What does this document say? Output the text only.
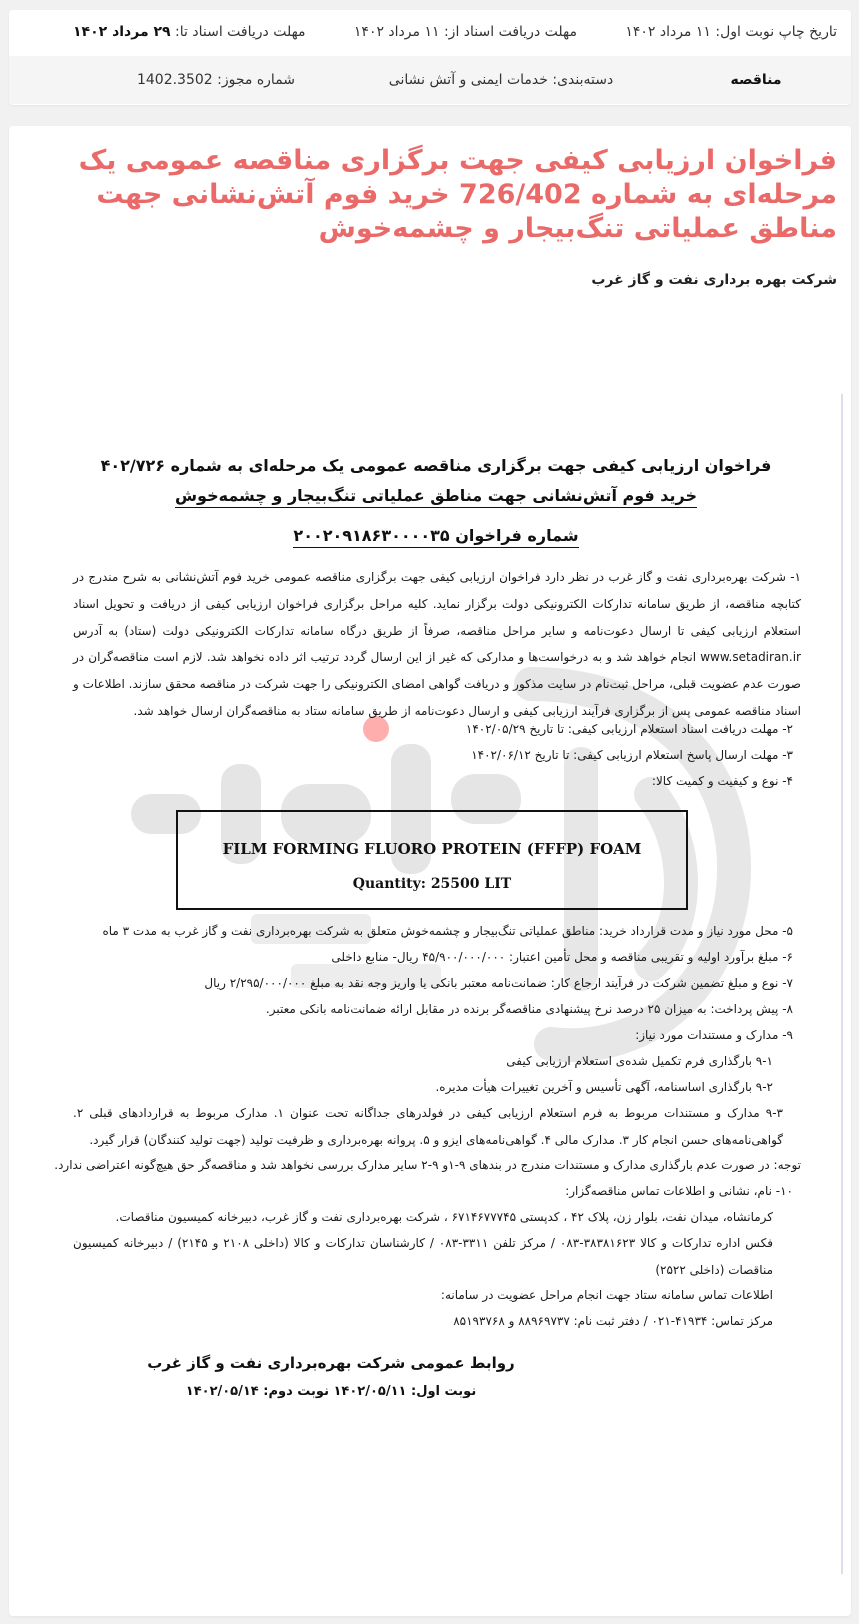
تاریخ چاپ نوبت اول: ۱۱ مرداد ۱۴۰۲
مهلت دریافت اسناد از: ۱۱ مرداد ۱۴۰۲
مهلت دریافت اسناد تا: ۲۹ مرداد ۱۴۰۲
مناقصه
دسته‌بندی: خدمات ایمنی و آتش نشانی
شماره مجوز: 1402.3502
فراخوان ارزیابی کیفی جهت برگزاری مناقصه عمومی یک مرحله‌ای به شماره 726/402 خرید فوم آتش‌نشانی جهت مناطق عملیاتی تنگ‌بیجار و چشمه‌خوش
شرکت بهره برداری نفت و گاز غرب
فراخوان ارزیابی کیفی جهت برگزاری مناقصه عمومی یک مرحله‌ای به شماره ۴۰۲/۷۲۶
خرید فوم آتش‌نشانی جهت مناطق عملیاتی تنگ‌بیجار و چشمه‌خوش
شماره فراخوان ۲۰۰۲۰۹۱۸۶۳۰۰۰۰۳۵
۱- شرکت بهره‌برداری نفت و گاز غرب در نظر دارد فراخوان ارزیابی کیفی جهت برگزاری مناقصه عمومی خرید فوم آتش‌نشانی به شرح مندرج در کتابچه مناقصه، از طریق سامانه تدارکات الکترونیکی دولت برگزار نماید. کلیه مراحل برگزاری فراخوان ارزیابی کیفی از دریافت و تحویل اسناد استعلام ارزیابی کیفی تا ارسال دعوت‌نامه و سایر مراحل مناقصه، صرفاً از طریق درگاه سامانه تدارکات الکترونیکی دولت (ستاد) به آدرس www.setadiran.ir انجام خواهد شد و به درخواست‌ها و مدارکی که غیر از این ارسال گردد ترتیب اثر داده نخواهد شد. لازم است مناقصه‌گران در صورت عدم عضویت قبلی، مراحل ثبت‌نام در سایت مذکور و دریافت گواهی امضای الکترونیکی را جهت شرکت در مناقصه محقق سازند. اطلاعات و اسناد مناقصه عمومی پس از برگزاری فرآیند ارزیابی کیفی و ارسال دعوت‌نامه از طریق سامانه ستاد به مناقصه‌گران ارسال خواهد شد.
۲- مهلت دریافت اسناد استعلام ارزیابی کیفی: تا تاریخ ۱۴۰۲/۰۵/۲۹
۳- مهلت ارسال پاسخ استعلام ارزیابی کیفی: تا تاریخ ۱۴۰۲/۰۶/۱۲
۴- نوع و کیفیت و کمیت کالا:
FILM FORMING FLUORO PROTEIN (FFFP) FOAM
Quantity: 25500 LIT
۵- محل مورد نیاز و مدت قرارداد خرید: مناطق عملیاتی تنگ‌بیجار و چشمه‌خوش متعلق به شرکت بهره‌برداری نفت و گاز غرب به مدت ۳ ماه
۶- مبلغ برآورد اولیه و تقریبی مناقصه و محل تأمین اعتبار: ۴۵/۹۰۰/۰۰۰/۰۰۰ ریال- منابع داخلی
۷- نوع و مبلغ تضمین شرکت در فرآیند ارجاع کار: ضمانت‌نامه معتبر بانکی یا واریز وجه نقد به مبلغ ۲/۲۹۵/۰۰۰/۰۰۰ ریال
۸- پیش پرداخت: به میزان ۲۵ درصد نرخ پیشنهادی مناقصه‌گر برنده در مقابل ارائه ضمانت‌نامه بانکی معتبر.
۹- مدارک و مستندات مورد نیاز:
۹-۱ بارگذاری فرم تکمیل شده‌ی استعلام ارزیابی کیفی
۹-۲ بارگذاری اساسنامه، آگهی تأسیس و آخرین تغییرات هیأت مدیره.
۹-۳ مدارک و مستندات مربوط به فرم استعلام ارزیابی کیفی در فولدرهای جداگانه تحت عنوان ۱. مدارک مربوط به قراردادهای قبلی ۲. گواهی‌نامه‌های حسن انجام کار ۳. مدارک مالی ۴. گواهی‌نامه‌های ایزو و ۵. پروانه بهره‌برداری و ظرفیت تولید (جهت تولید کنندگان) قرار گیرد.
توجه: در صورت عدم بارگذاری مدارک و مستندات مندرج در بندهای ۹-۱و ۹-۲ سایر مدارک بررسی نخواهد شد و مناقصه‌گر حق هیچ‌گونه اعتراضی ندارد.
۱۰- نام، نشانی و اطلاعات تماس مناقصه‌گزار:
کرمانشاه، میدان نفت، بلوار زن، پلاک ۴۲ ، کدپستی ۶۷۱۴۶۷۷۷۴۵ ، شرکت بهره‌برداری نفت و گاز غرب، دبیرخانه کمیسیون مناقصات.
فکس اداره تدارکات و کالا ۳۸۳۸۱۶۲۳-۰۸۳ / مرکز تلفن ۳۳۱۱-۰۸۳ / کارشناسان تدارکات و کالا (داخلی ۲۱۰۸ و ۲۱۴۵) / دبیرخانه کمیسیون مناقصات (داخلی ۲۵۲۲)
اطلاعات تماس سامانه ستاد جهت انجام مراحل عضویت در سامانه:
مرکز تماس: ۴۱۹۳۴-۰۲۱ / دفتر ثبت نام: ۸۸۹۶۹۷۳۷ و ۸۵۱۹۳۷۶۸
روابط عمومی شرکت بهره‌برداری نفت و گاز غرب
نوبت اول: ۱۴۰۲/۰۵/۱۱ نوبت دوم: ۱۴۰۲/۰۵/۱۴
